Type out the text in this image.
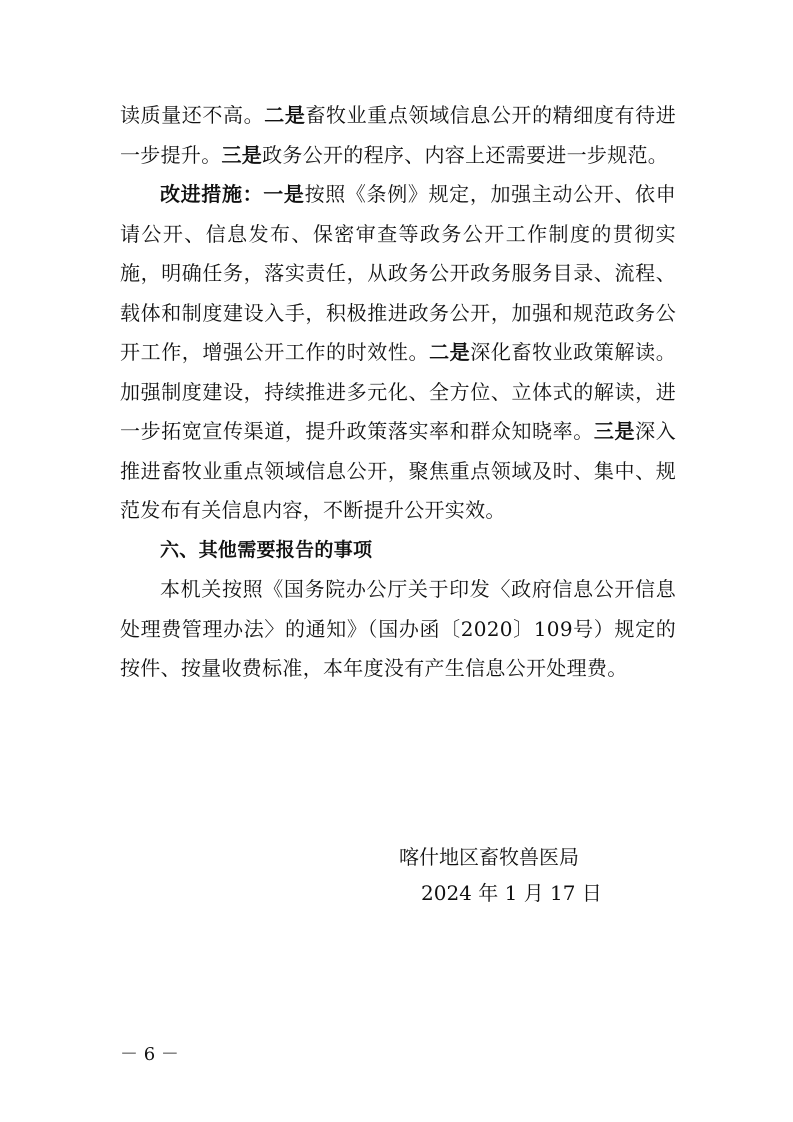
读质量还不高。二是畜牧业重点领域信息公开的精细度有待进一步提升。三是政务公开的程序、内容上还需要进一步规范。

改进措施：一是按照《条例》规定，加强主动公开、依申请公开、信息发布、保密审查等政务公开工作制度的贯彻实施，明确任务，落实责任，从政务公开政务服务目录、流程、载体和制度建设入手，积极推进政务公开，加强和规范政务公开工作，增强公开工作的时效性。二是深化畜牧业政策解读。加强制度建设，持续推进多元化、全方位、立体式的解读，进一步拓宽宣传渠道，提升政策落实率和群众知晓率。三是深入推进畜牧业重点领域信息公开，聚焦重点领域及时、集中、规范发布有关信息内容，不断提升公开实效。

六、其他需要报告的事项

本机关按照《国务院办公厅关于印发〈政府信息公开信息处理费管理办法〉的通知》（国办函〔2020〕109号）规定的按件、按量收费标准，本年度没有产生信息公开处理费。

喀什地区畜牧兽医局
2024 年 1 月 17 日
－ 6 －
